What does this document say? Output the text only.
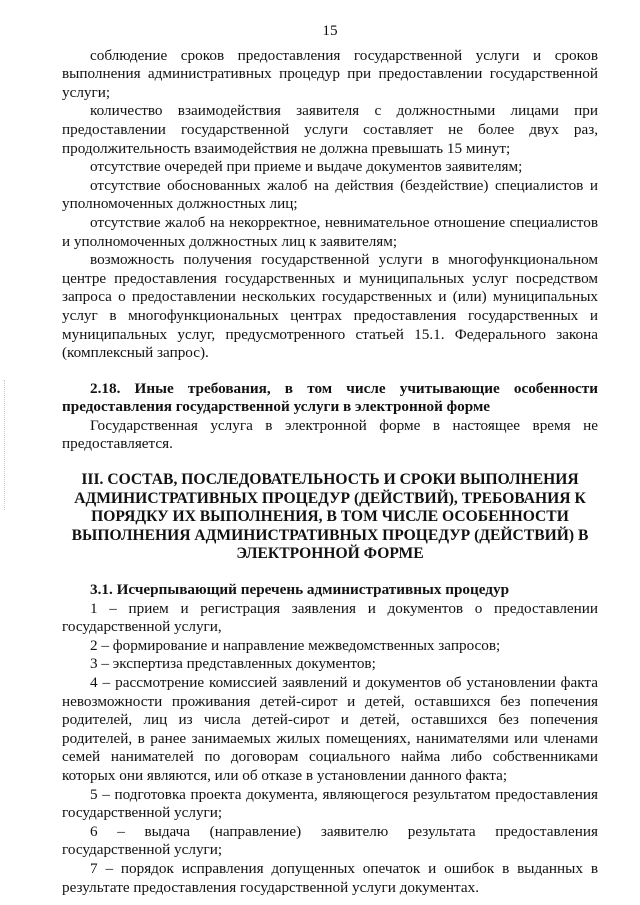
15

соблюдение сроков предоставления государственной услуги и сроков выполнения административных процедур при предоставлении государственной услуги;

количество взаимодействия заявителя с должностными лицами при предоставлении государственной услуги составляет не более двух раз, продолжительность взаимодействия не должна превышать 15 минут;

отсутствие очередей при приеме и выдаче документов заявителям;

отсутствие обоснованных жалоб на действия (бездействие) специалистов и уполномоченных должностных лиц;

отсутствие жалоб на некорректное, невнимательное отношение специалистов и уполномоченных должностных лиц к заявителям;

возможность получения государственной услуги в многофункциональном центре предоставления государственных и муниципальных услуг посредством запроса о предоставлении нескольких государственных и (или) муниципальных услуг в многофункциональных центрах предоставления государственных и муниципальных услуг, предусмотренного статьей 15.1. Федерального закона (комплексный запрос).

2.18. Иные требования, в том числе учитывающие особенности предоставления государственной услуги в электронной форме

Государственная услуга в электронной форме в настоящее время не предоставляется.

III. СОСТАВ, ПОСЛЕДОВАТЕЛЬНОСТЬ И СРОКИ ВЫПОЛНЕНИЯ АДМИНИСТРАТИВНЫХ ПРОЦЕДУР (ДЕЙСТВИЙ), ТРЕБОВАНИЯ К ПОРЯДКУ ИХ ВЫПОЛНЕНИЯ, В ТОМ ЧИСЛЕ ОСОБЕННОСТИ ВЫПОЛНЕНИЯ АДМИНИСТРАТИВНЫХ ПРОЦЕДУР (ДЕЙСТВИЙ) В ЭЛЕКТРОННОЙ ФОРМЕ

3.1. Исчерпывающий перечень административных процедур

1 – прием и регистрация заявления и документов о предоставлении государственной услуги,

2 – формирование и направление межведомственных запросов;

3 – экспертиза представленных документов;

4 – рассмотрение комиссией заявлений и документов об установлении факта невозможности проживания детей-сирот и детей, оставшихся без попечения родителей, лиц из числа детей-сирот и детей, оставшихся без попечения родителей, в ранее занимаемых жилых помещениях, нанимателями или членами семей нанимателей по договорам социального найма либо собственниками которых они являются, или об отказе в установлении данного факта;

5 – подготовка проекта документа, являющегося результатом предоставления государственной услуги;

6 – выдача (направление) заявителю результата предоставления государственной услуги;

7 – порядок исправления допущенных опечаток и ошибок в выданных в результате предоставления государственной услуги документах.
